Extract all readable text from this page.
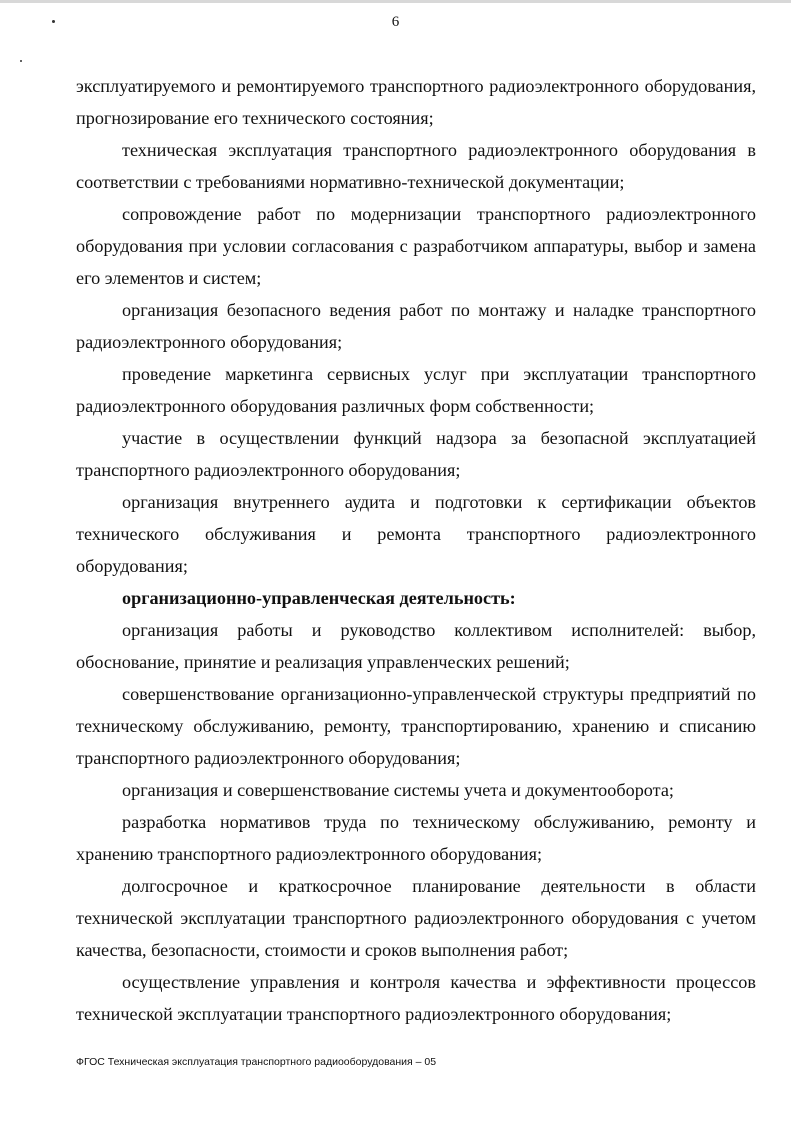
6

эксплуатируемого и ремонтируемого транспортного радиоэлектронного оборудования, прогнозирование его технического состояния;

техническая эксплуатация транспортного радиоэлектронного оборудования в соответствии с требованиями нормативно-технической документации;

сопровождение работ по модернизации транспортного радиоэлектронного оборудования при условии согласования с разработчиком аппаратуры, выбор и замена его элементов и систем;

организация безопасного ведения работ по монтажу и наладке транспортного радиоэлектронного оборудования;

проведение маркетинга сервисных услуг при эксплуатации транспортного радиоэлектронного оборудования различных форм собственности;

участие в осуществлении функций надзора за безопасной эксплуатацией транспортного радиоэлектронного оборудования;

организация внутреннего аудита и подготовки к сертификации объектов технического обслуживания и ремонта транспортного радиоэлектронного оборудования;

организационно-управленческая деятельность:

организация работы и руководство коллективом исполнителей: выбор, обоснование, принятие и реализация управленческих решений;

совершенствование организационно-управленческой структуры предприятий по техническому обслуживанию, ремонту, транспортированию, хранению и списанию транспортного радиоэлектронного оборудования;

организация и совершенствование системы учета и документооборота;

разработка нормативов труда по техническому обслуживанию, ремонту и хранению транспортного радиоэлектронного оборудования;

долгосрочное и краткосрочное планирование деятельности в области технической эксплуатации транспортного радиоэлектронного оборудования с учетом качества, безопасности, стоимости и сроков выполнения работ;

осуществление управления и контроля качества и эффективности процессов технической эксплуатации транспортного радиоэлектронного оборудования;

ФГОС Техническая эксплуатация транспортного радиооборудования – 05
